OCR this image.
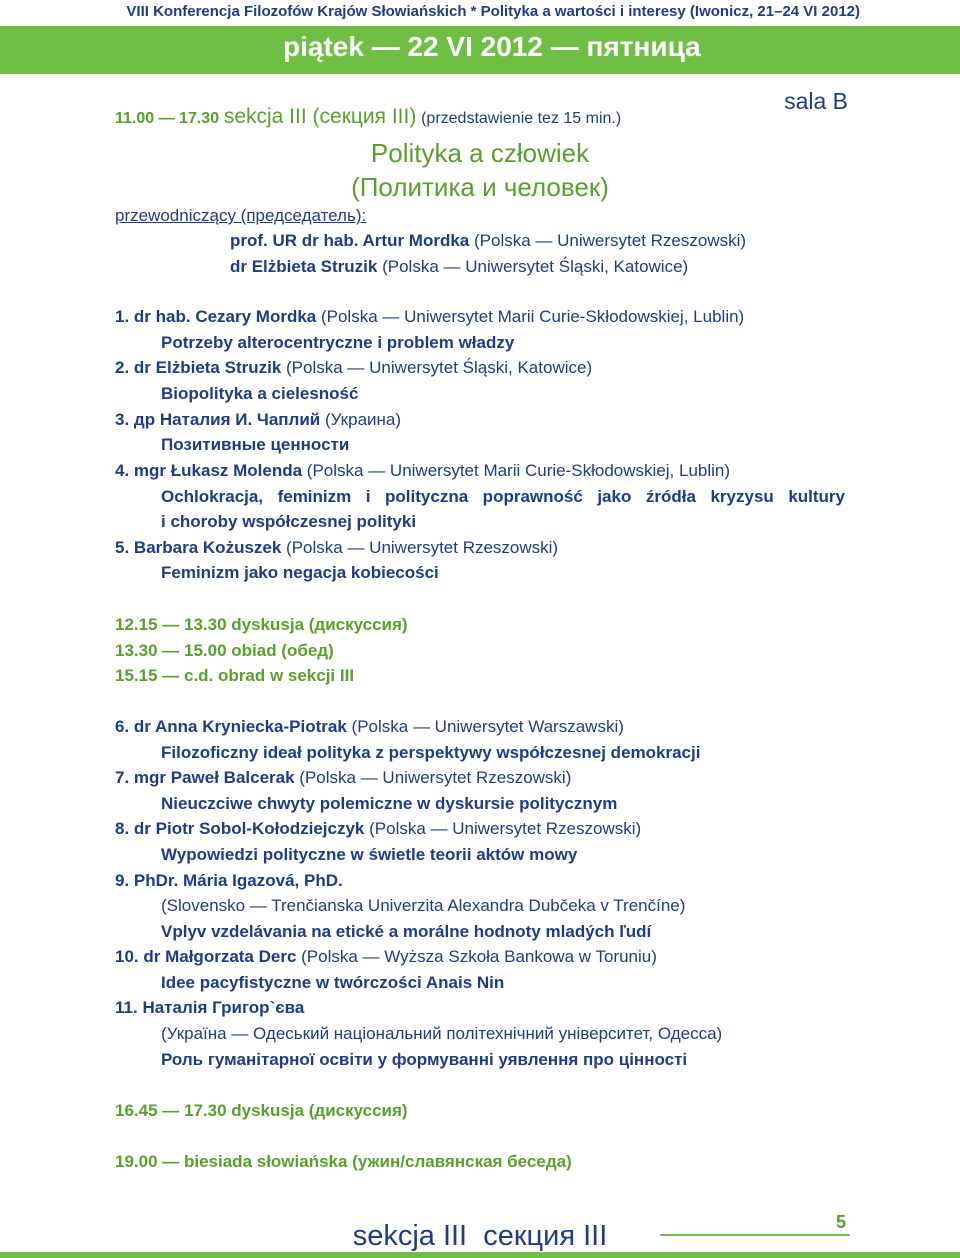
VIII Konferencja Filozofów Krajów Słowiańskich * Polityka a wartości i interesy (Iwonicz, 21–24 VI 2012)
piątek — 22 VI 2012 — пятница
11.00 — 17.30 sekcja III (секция III) (przedstawienie tez 15 min.)
sala B
Polityka a człowiek
(Политика и человек)
przewodniczący (председатель):
prof. UR dr hab. Artur Mordka (Polska — Uniwersytet Rzeszowski)
dr Elżbieta Struzik (Polska — Uniwersytet Śląski, Katowice)
1. dr hab. Cezary Mordka (Polska — Uniwersytet Marii Curie-Skłodowskiej, Lublin)
Potrzeby alterocentryczne i problem władzy
2. dr Elżbieta Struzik (Polska — Uniwersytet Śląski, Katowice)
Biopolityka a cielesność
3. др Наталия И. Чаплий (Украина)
Позитивные ценности
4. mgr Łukasz Molenda (Polska — Uniwersytet Marii Curie-Skłodowskiej, Lublin)
Ochlokracja, feminizm i polityczna poprawność jako źródła kryzysu kultury
i choroby współczesnej polityki
5. Barbara Kożuszek (Polska — Uniwersytet Rzeszowski)
Feminizm jako negacja kobiecości
12.15 — 13.30 dyskusja (дискуссия)
13.30 — 15.00 obiad (обед)
15.15 — c.d. obrad w sekcji III
6. dr Anna Kryniecka-Piotrak (Polska — Uniwersytet Warszawski)
Filozoficzny ideał polityka z perspektywy współczesnej demokracji
7. mgr Paweł Balcerak (Polska — Uniwersytet Rzeszowski)
Nieuczciwe chwyty polemiczne w dyskursie politycznym
8. dr Piotr Sobol-Kołodziejczyk (Polska — Uniwersytet Rzeszowski)
Wypowiedzi polityczne w świetle teorii aktów mowy
9. PhDr. Mária Igazová, PhD.
(Slovensko — Trenčianska Univerzita Alexandra Dubčeka v Trenčíne)
Vplyv vzdelávania na etické a morálne hodnoty mladých ľudí
10. dr Małgorzata Derc (Polska — Wyższa Szkoła Bankowa w Toruniu)
Idee pacyfistyczne w twórczości Anais Nin
11. Наталія Григор`єва
(Україна — Одеський національний політехнічний університет, Одесса)
Роль гуманітарної освіти у формуванні уявлення про цінності
16.45 — 17.30 dyskusja (дискуссия)
19.00 — biesiada słowiańska (ужин/славянская беседа)
5
sekcja III  секция III
